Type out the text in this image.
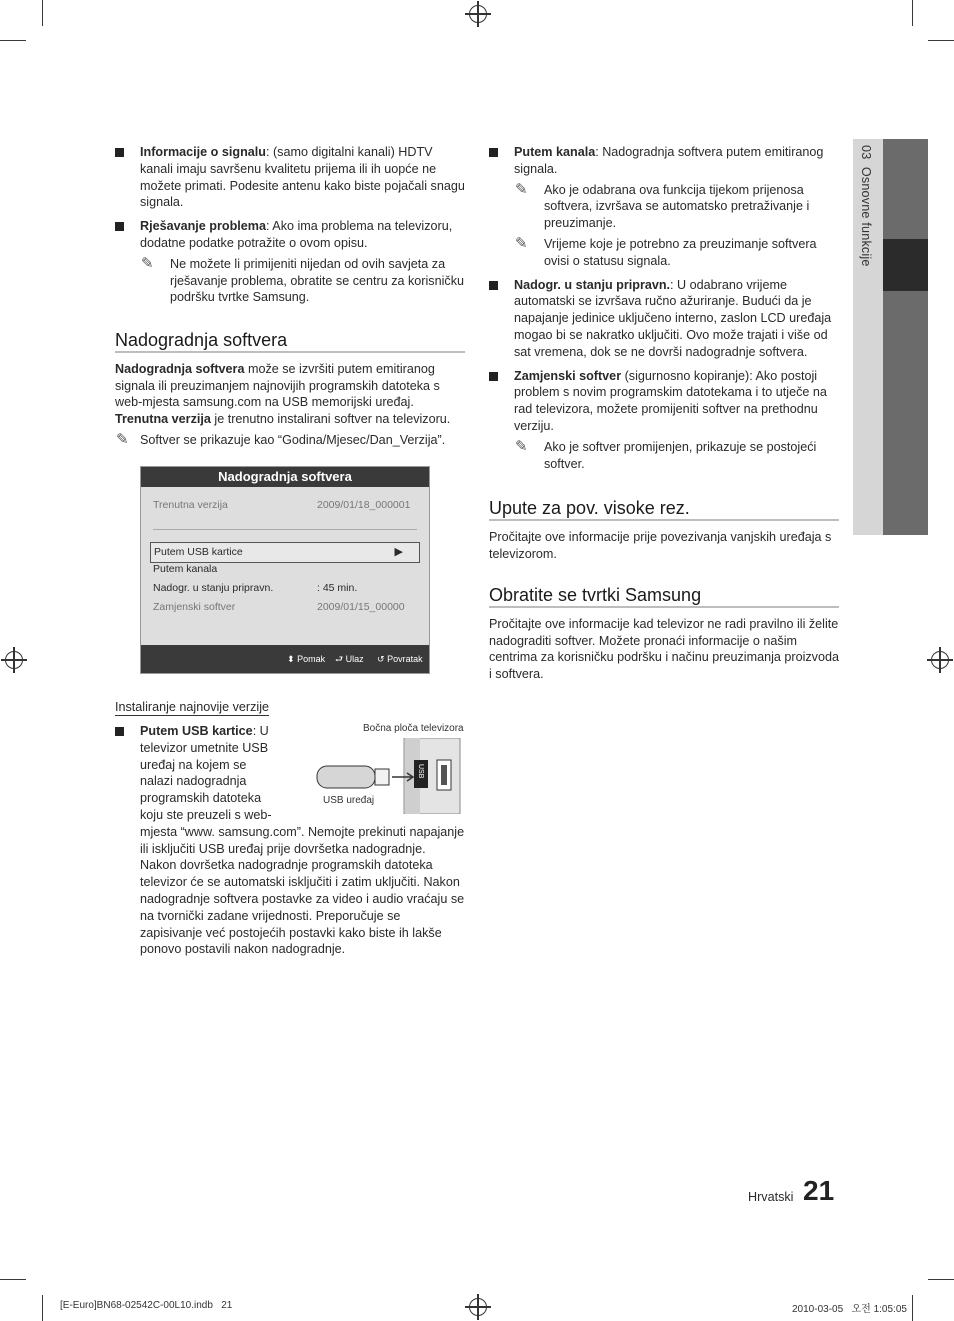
03  Osnovne funkcije
Informacije o signalu: (samo digitalni kanali) HDTV kanali imaju savršenu kvalitetu prijema ili ih uopće ne možete primati. Podesite antenu kako biste pojačali snagu signala.
Rješavanje problema: Ako ima problema na televizoru, dodatne podatke potražite o ovom opisu.
✎ Ne možete li primijeniti nijedan od ovih savjeta za rješavanje problema, obratite se centru za korisničku podršku tvrtke Samsung.
Nadogradnja softvera

Nadogradnja softvera može se izvršiti putem emitiranog signala ili preuzimanjem najnovijih programskih datoteka s web-mjesta samsung.com na USB memorijski uređaj.

Trenutna verzija je trenutno instalirani softver na televizoru.

✎ Softver se prikazuje kao “Godina/Mjesec/Dan_Verzija”.
Nadogradnja softvera
Trenutna verzija	2009/01/18_000001
Putem USB kartice	▶
Putem kanala
Nadogr. u stanju pripravn.	: 45 min.
Zamjenski softver	2009/01/15_00000
⬍ Pomak ⮐ Ulaz ↺ Povratak
Instaliranje najnovije verzije
Bočna ploča televizora
USB uređaj
USB
Putem USB kartice: U televizor umetnite USB uređaj na kojem se nalazi nadogradnja programskih datoteka koju ste preuzeli s web-mjesta “www. samsung.com”. Nemojte prekinuti napajanje ili isključiti USB uređaj prije dovršetka nadogradnje. Nakon dovršetka nadogradnje programskih datoteka televizor će se automatski isključiti i zatim uključiti. Nakon nadogradnje softvera postavke za video i audio vraćaju se na tvornički zadane vrijednosti. Preporučuje se zapisivanje već postojećih postavki kako biste ih lakše ponovo postavili nakon nadogradnje.
Putem kanala: Nadogradnja softvera putem emitiranog signala.
✎ Ako je odabrana ova funkcija tijekom prijenosa softvera, izvršava se automatsko pretraživanje i preuzimanje.
✎ Vrijeme koje je potrebno za preuzimanje softvera ovisi o statusu signala.
Nadogr. u stanju pripravn.: U odabrano vrijeme automatski se izvršava ručno ažuriranje. Budući da je napajanje jedinice uključeno interno, zaslon LCD uređaja mogao bi se nakratko uključiti. Ovo može trajati i više od sat vremena, dok se ne dovrši nadogradnje softvera.
Zamjenski softver (sigurnosno kopiranje): Ako postoji problem s novim programskim datotekama i to utječe na rad televizora, možete promijeniti softver na prethodnu verziju.
✎ Ako je softver promijenjen, prikazuje se postojeći softver.
Upute za pov. visoke rez.

Pročitajte ove informacije prije povezivanja vanjskih uređaja s televizorom.

Obratite se tvrtki Samsung

Pročitajte ove informacije kad televizor ne radi pravilno ili želite nadograditi softver. Možete pronaći informacije o našim centrima za korisničku podršku i načinu preuzimanja proizvoda i softvera.

Hrvatski 21
[E-Euro]BN68-02542C-00L10.indb   21	2010-03-05   오전 1:05:05
